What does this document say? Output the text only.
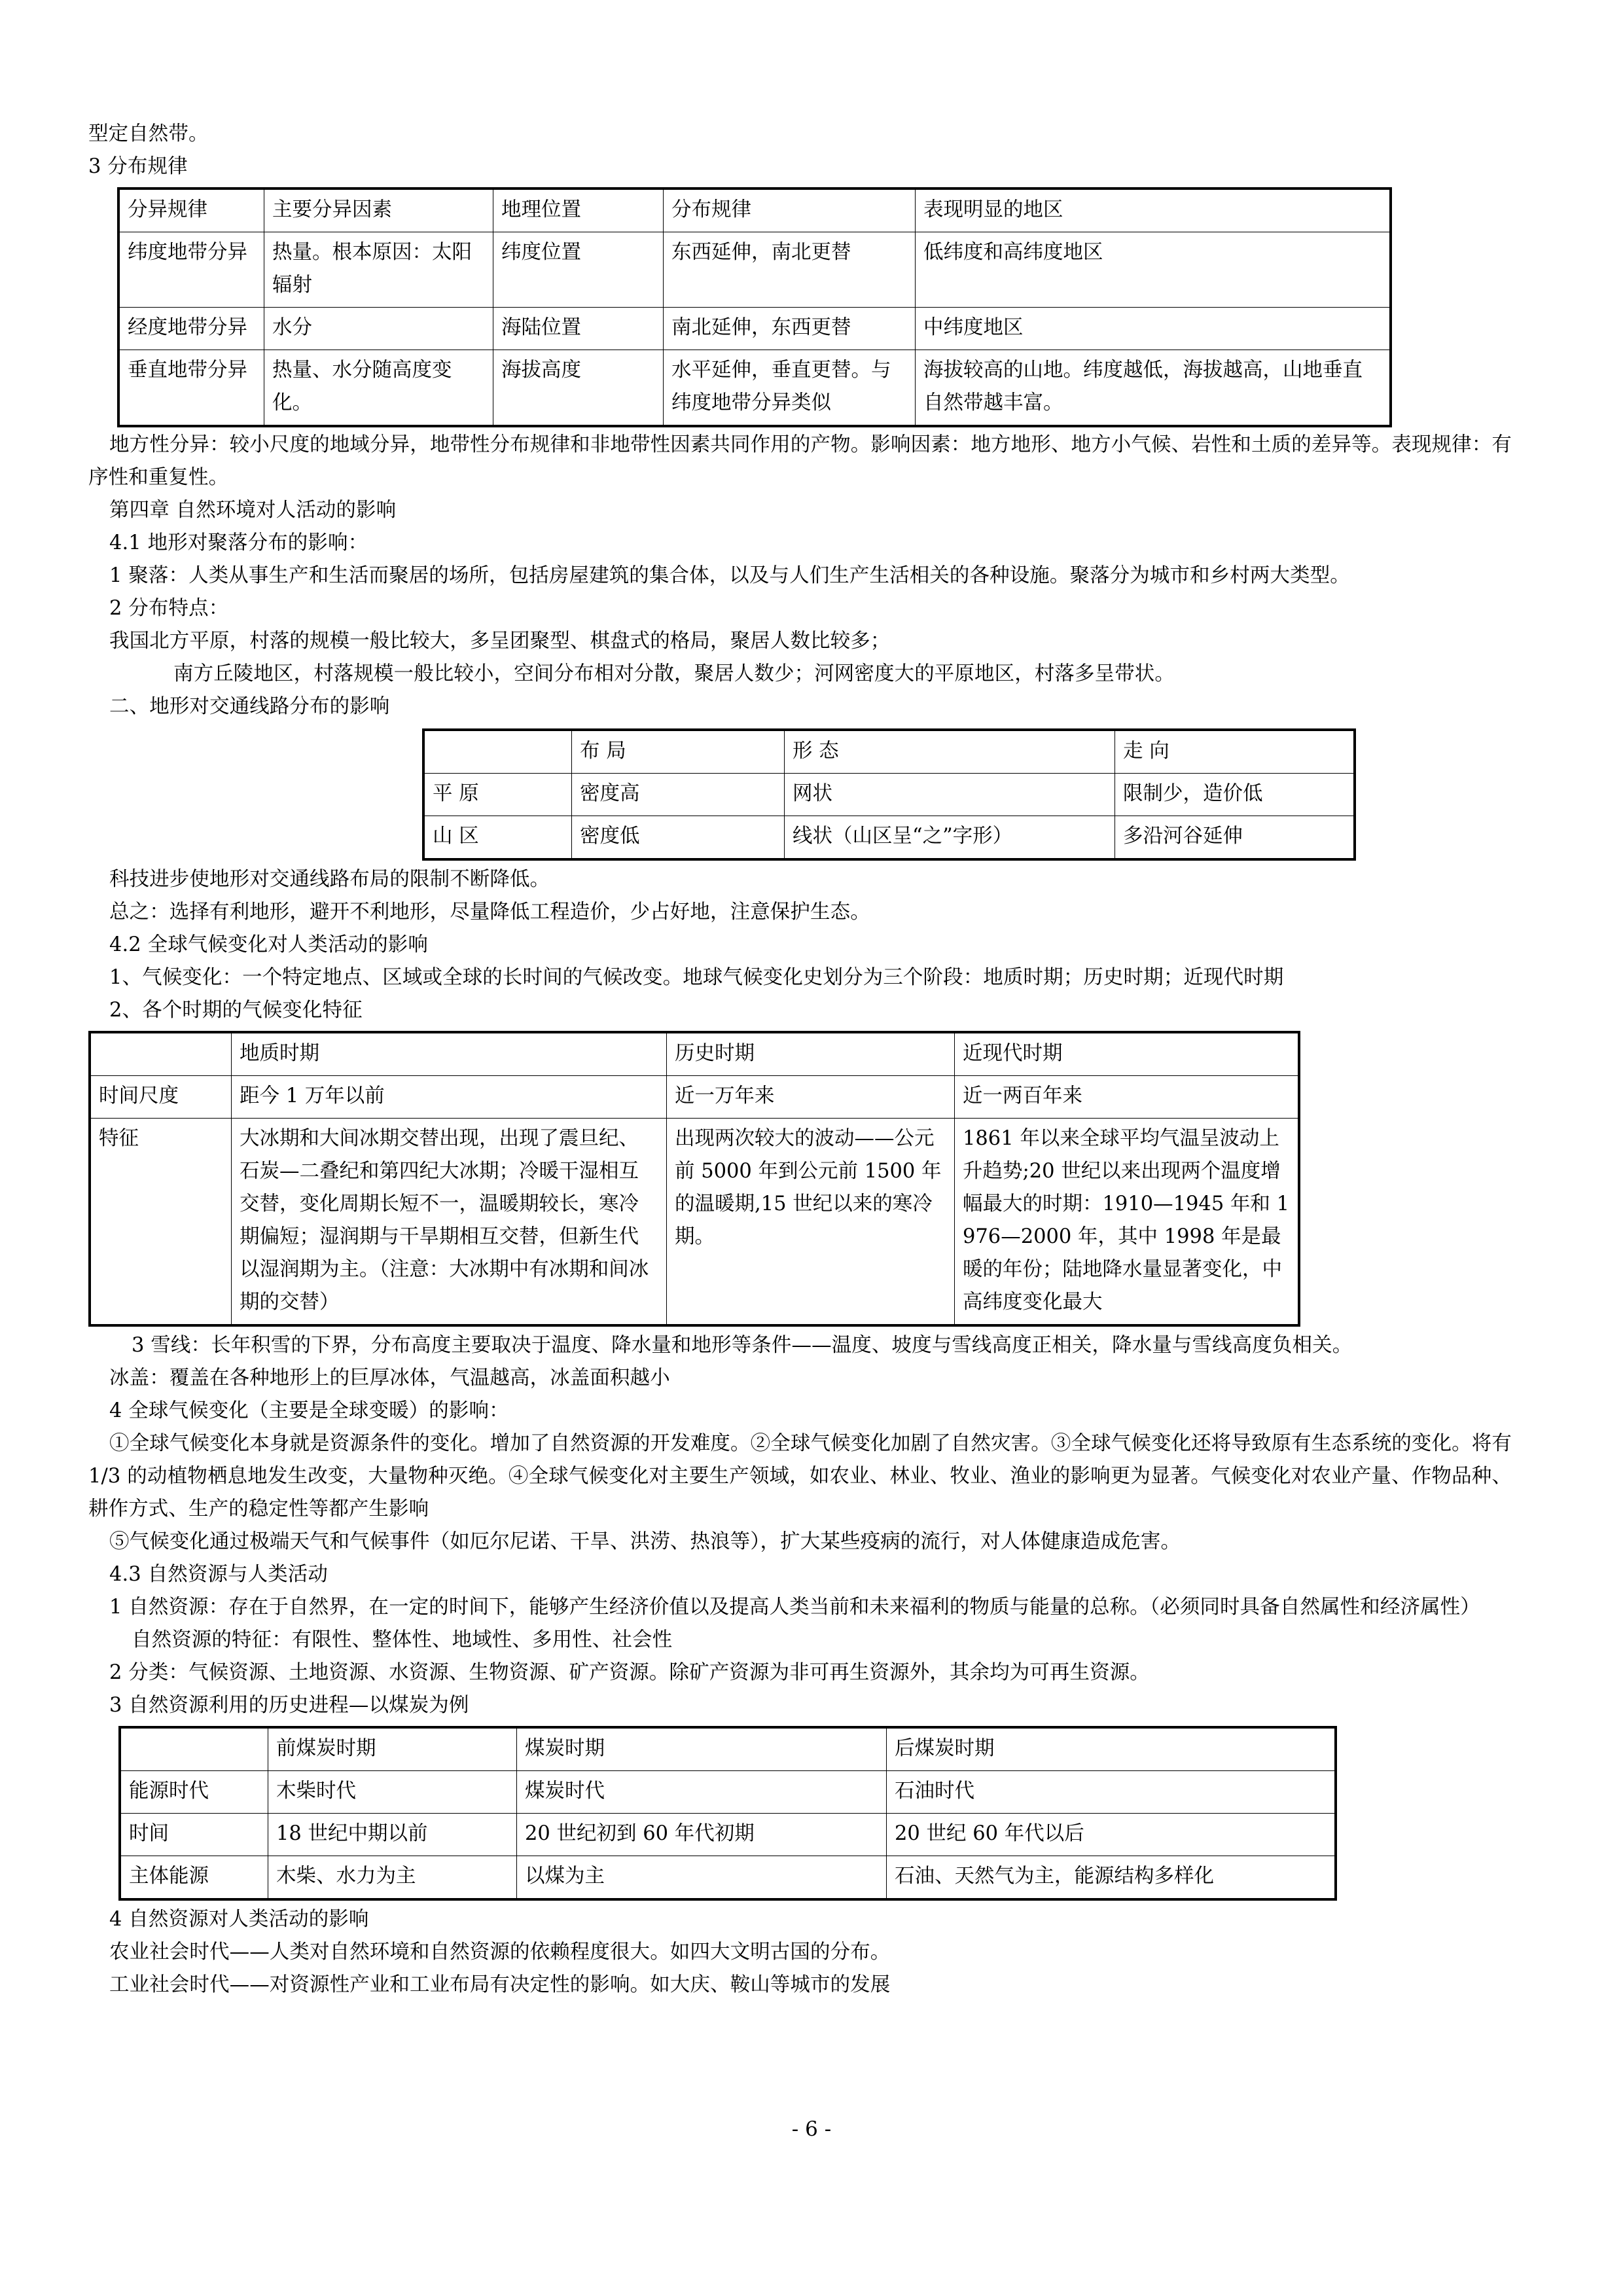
型定自然带。

3 分布规律

分异规律	主要分异因素	地理位置	分布规律	表现明显的地区
纬度地带分异	热量。根本原因：太阳辐射	纬度位置	东西延伸，南北更替	低纬度和高纬度地区
经度地带分异	水分	海陆位置	南北延伸，东西更替	中纬度地区
垂直地带分异	热量、水分随高度变化。	海拔高度	水平延伸，垂直更替。与纬度地带分异类似	海拔较高的山地。纬度越低，海拔越高，山地垂直自然带越丰富。

地方性分异：较小尺度的地域分异，地带性分布规律和非地带性因素共同作用的产物。影响因素：地方地形、地方小气候、岩性和土质的差异等。表现规律：有序性和重复性。

第四章 自然环境对人活动的影响

4.1 地形对聚落分布的影响：

1 聚落：人类从事生产和生活而聚居的场所，包括房屋建筑的集合体，以及与人们生产生活相关的各种设施。聚落分为城市和乡村两大类型。

2 分布特点：

我国北方平原，村落的规模一般比较大，多呈团聚型、棋盘式的格局，聚居人数比较多；

南方丘陵地区，村落规模一般比较小，空间分布相对分散，聚居人数少；河网密度大的平原地区，村落多呈带状。

二、地形对交通线路分布的影响

	布 局	形 态	走 向
平 原	密度高	网状	限制少，造价低
山 区	密度低	线状（山区呈“之”字形）	多沿河谷延伸

科技进步使地形对交通线路布局的限制不断降低。

总之：选择有利地形，避开不利地形，尽量降低工程造价，少占好地，注意保护生态。

4.2 全球气候变化对人类活动的影响

1、气候变化：一个特定地点、区域或全球的长时间的气候改变。地球气候变化史划分为三个阶段：地质时期；历史时期；近现代时期

2、各个时期的气候变化特征

	地质时期	历史时期	近现代时期
时间尺度	距今 1 万年以前	近一万年来	近一两百年来
特征	大冰期和大间冰期交替出现，出现了震旦纪、石炭—二叠纪和第四纪大冰期；冷暖干湿相互交替，变化周期长短不一，温暖期较长，寒冷期偏短；湿润期与干旱期相互交替，但新生代以湿润期为主。（注意：大冰期中有冰期和间冰期的交替）	出现两次较大的波动——公元前 5000 年到公元前 1500 年的温暖期,15 世纪以来的寒冷期。	1861 年以来全球平均气温呈波动上升趋势;20 世纪以来出现两个温度增幅最大的时期：1910—1945 年和 1976—2000 年，其中 1998 年是最暖的年份；陆地降水量显著变化，中高纬度变化最大

3 雪线：长年积雪的下界，分布高度主要取决于温度、降水量和地形等条件——温度、坡度与雪线高度正相关，降水量与雪线高度负相关。

冰盖：覆盖在各种地形上的巨厚冰体，气温越高，冰盖面积越小

4 全球气候变化（主要是全球变暖）的影响：

①全球气候变化本身就是资源条件的变化。增加了自然资源的开发难度。②全球气候变化加剧了自然灾害。③全球气候变化还将导致原有生态系统的变化。将有 1/3 的动植物栖息地发生改变，大量物种灭绝。④全球气候变化对主要生产领域，如农业、林业、牧业、渔业的影响更为显著。气候变化对农业产量、作物品种、耕作方式、生产的稳定性等都产生影响

⑤气候变化通过极端天气和气候事件（如厄尔尼诺、干旱、洪涝、热浪等），扩大某些疫病的流行，对人体健康造成危害。

4.3 自然资源与人类活动

1 自然资源：存在于自然界，在一定的时间下，能够产生经济价值以及提高人类当前和未来福利的物质与能量的总称。（必须同时具备自然属性和经济属性）

自然资源的特征：有限性、整体性、地域性、多用性、社会性

2 分类：气候资源、土地资源、水资源、生物资源、矿产资源。除矿产资源为非可再生资源外，其余均为可再生资源。

3 自然资源利用的历史进程—以煤炭为例

	前煤炭时期	煤炭时期	后煤炭时期
能源时代	木柴时代	煤炭时代	石油时代
时间	18 世纪中期以前	20 世纪初到 60 年代初期	20 世纪 60 年代以后
主体能源	木柴、水力为主	以煤为主	石油、天然气为主，能源结构多样化

4 自然资源对人类活动的影响

农业社会时代——人类对自然环境和自然资源的依赖程度很大。如四大文明古国的分布。

工业社会时代——对资源性产业和工业布局有决定性的影响。如大庆、鞍山等城市的发展

- 6 -
